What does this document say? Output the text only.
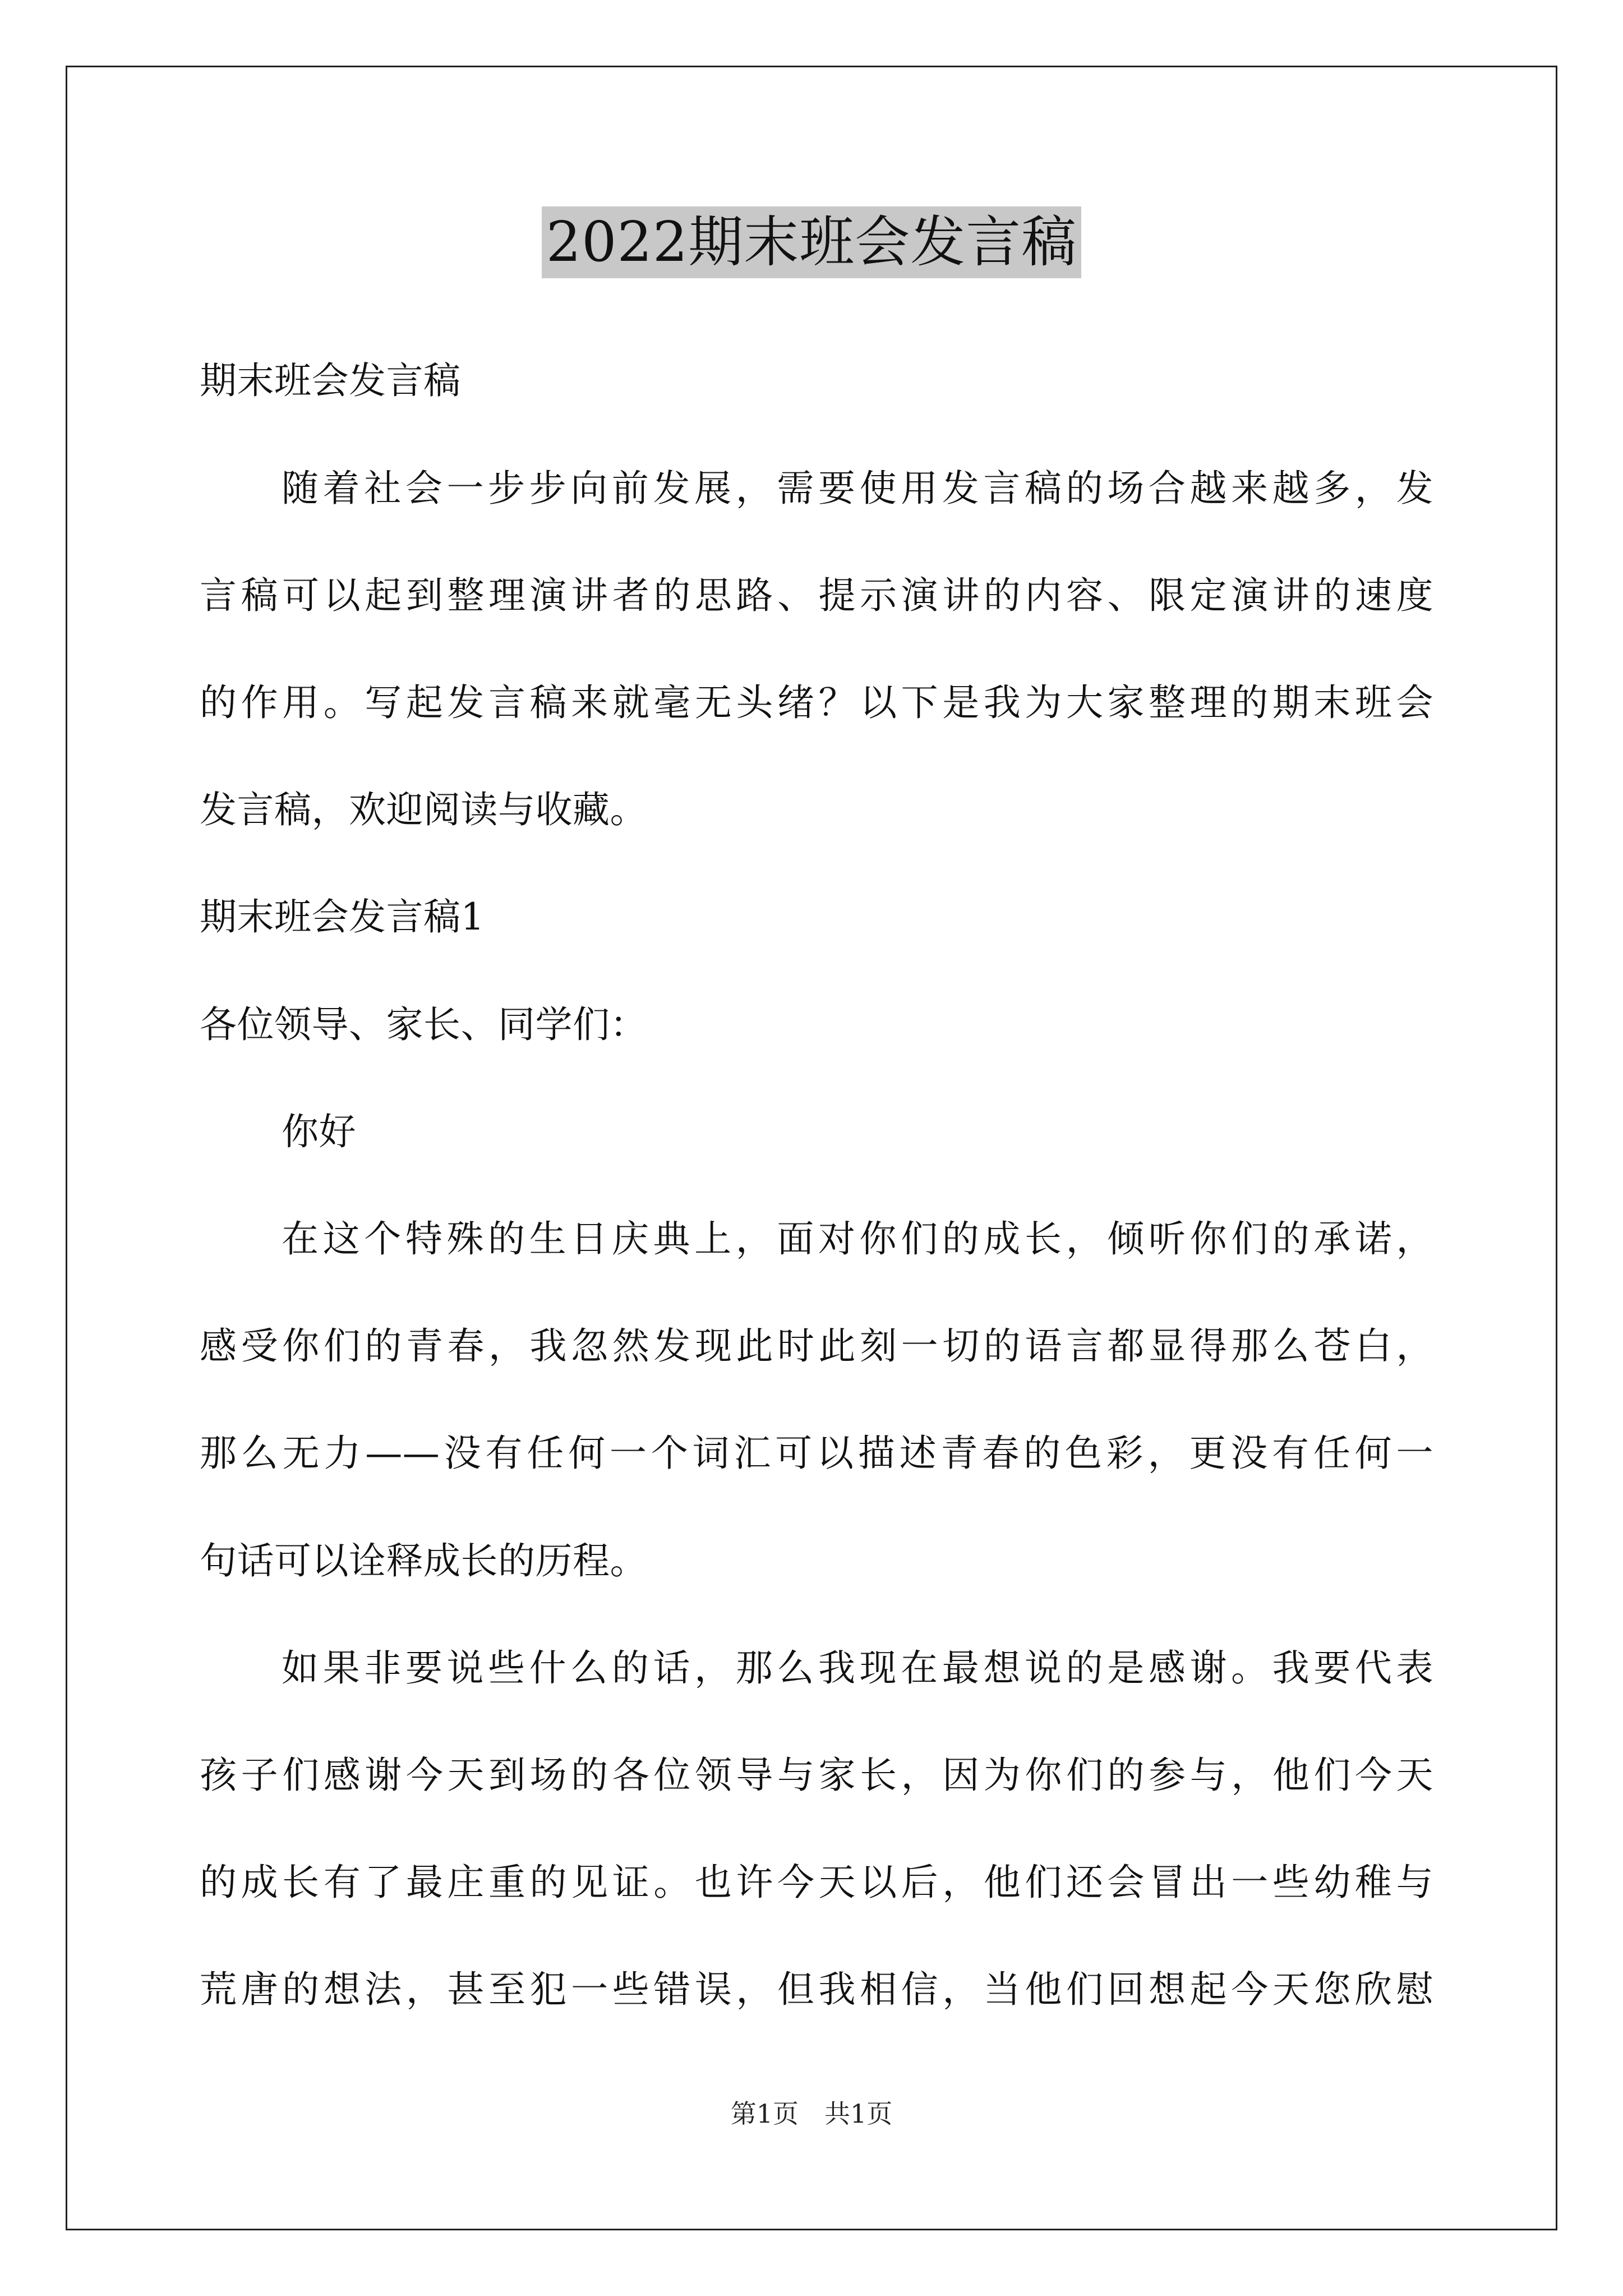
2022期末班会发言稿
期末班会发言稿
随着社会一步步向前发展，需要使用发言稿的场合越来越多，发
言稿可以起到整理演讲者的思路、提示演讲的内容、限定演讲的速度
的作用。写起发言稿来就毫无头绪？以下是我为大家整理的期末班会
发言稿，欢迎阅读与收藏。
期末班会发言稿1
各位领导、家长、同学们：
你好
在这个特殊的生日庆典上，面对你们的成长，倾听你们的承诺，
感受你们的青春，我忽然发现此时此刻一切的语言都显得那么苍白，
那么无力——没有任何一个词汇可以描述青春的色彩，更没有任何一
句话可以诠释成长的历程。
如果非要说些什么的话，那么我现在最想说的是感谢。我要代表
孩子们感谢今天到场的各位领导与家长，因为你们的参与，他们今天
的成长有了最庄重的见证。也许今天以后，他们还会冒出一些幼稚与
荒唐的想法，甚至犯一些错误，但我相信，当他们回想起今天您欣慰
第1页　共1页
